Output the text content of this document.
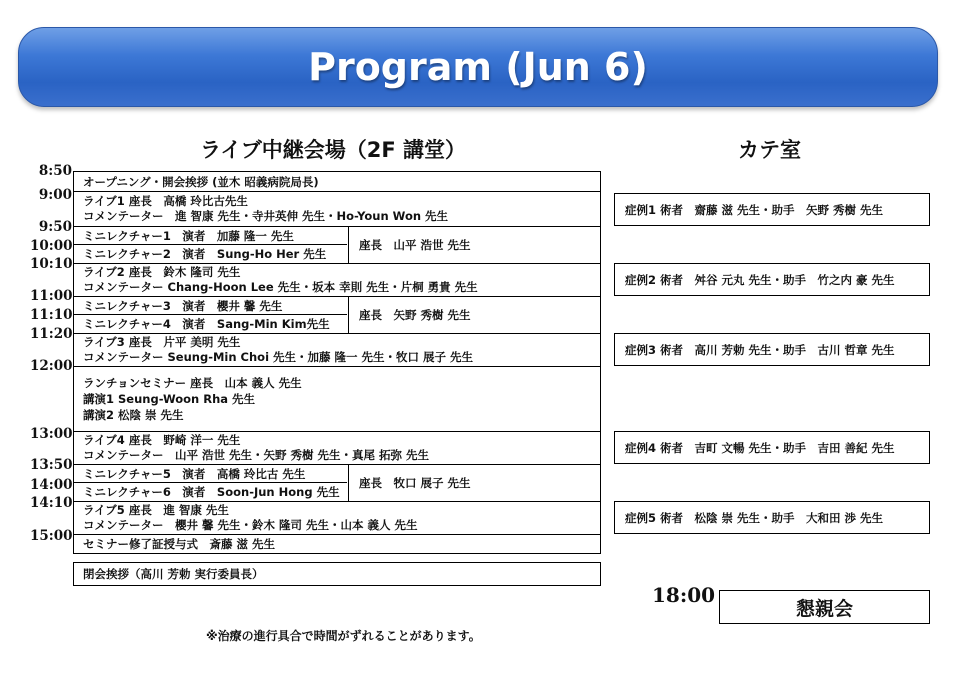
Program (Jun 6)
ライブ中継会場（2F 講堂）	カテ室
8:50
9:00
9:50
10:00
10:10
11:00
11:10
11:20
12:00
13:00
13:50
14:00
14:10
15:00
オープニング・開会挨拶 (並木 昭義病院局長)
ライブ1 座長　高橋 玲比古先生
コメンテーター　進 智康 先生・寺井英伸 先生・Ho-Youn Won 先生
ミニレクチャー1　演者　加藤 隆一 先生
ミニレクチャー2　演者　Sung-Ho Her 先生
座長　山平 浩世 先生
ライブ2 座長　鈴木 隆司 先生
コメンテーター Chang-Hoon Lee 先生・坂本 幸則 先生・片桐 勇貴 先生
ミニレクチャー3　演者　櫻井 馨 先生
ミニレクチャー4　演者　Sang-Min Kim先生
座長　矢野 秀樹 先生
ライブ3 座長　片平 美明 先生
コメンテーター Seung-Min Choi 先生・加藤 隆一 先生・牧口 展子 先生
ランチョンセミナー 座長　山本 義人 先生
講演1 Seung-Woon Rha 先生
講演2 松陰 崇 先生
ライブ4 座長　野崎 洋一 先生
コメンテーター　山平 浩世 先生・矢野 秀樹 先生・真尾 拓弥 先生
ミニレクチャー5　演者　高橋 玲比古 先生
ミニレクチャー6　演者　Soon-Jun Hong 先生
座長　牧口 展子 先生
ライブ5 座長　進 智康 先生
コメンテーター　櫻井 馨 先生・鈴木 隆司 先生・山本 義人 先生
セミナー修了証授与式　斎藤 滋 先生
閉会挨拶（高川 芳勅 実行委員長）
症例1 術者　齋藤 滋 先生・助手　矢野 秀樹 先生
症例2 術者　舛谷 元丸 先生・助手　竹之内 豪 先生
症例3 術者　高川 芳勅 先生・助手　古川 哲章 先生
症例4 術者　吉町 文暢 先生・助手　吉田 善紀 先生
症例5 術者　松陰 崇 先生・助手　大和田 渉 先生
18:00
懇親会
※治療の進行具合で時間がずれることがあります。
